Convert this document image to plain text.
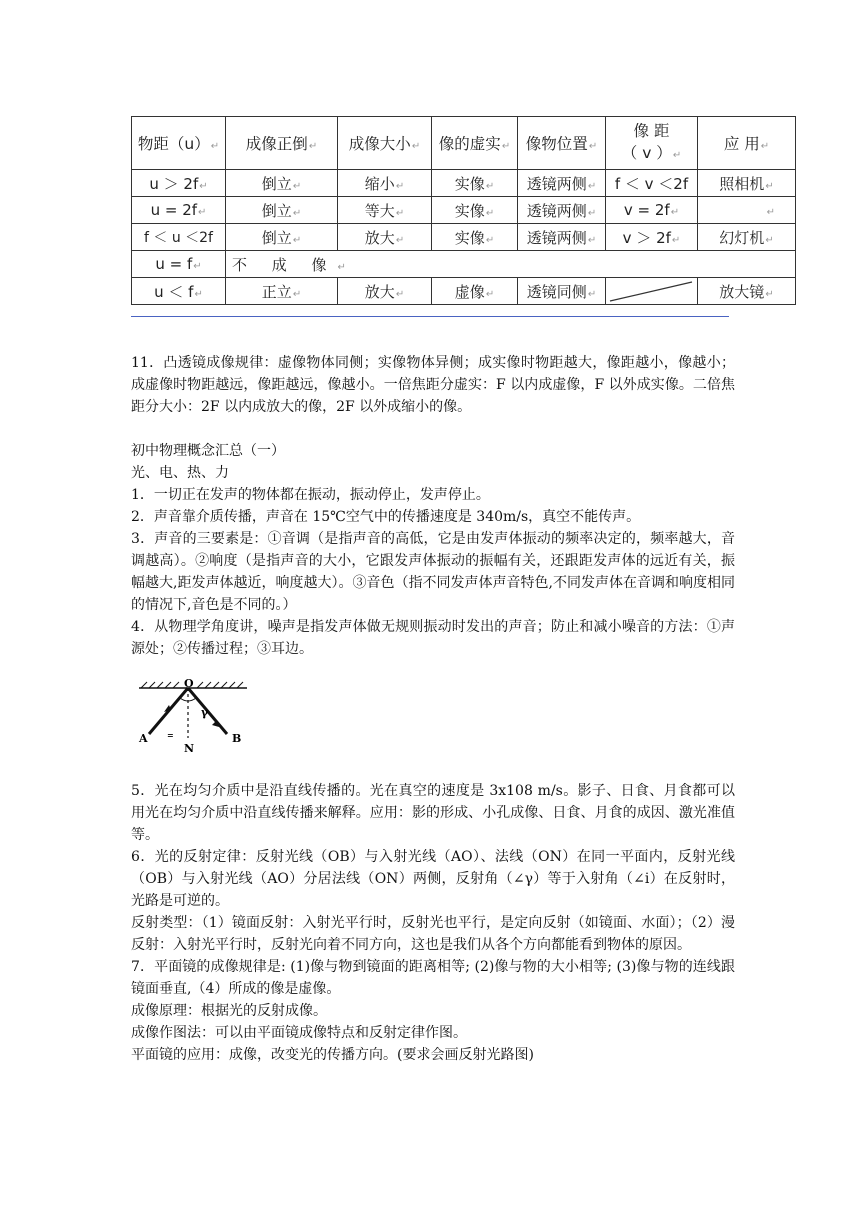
物距（u）↵	成像正倒↵	成像大小↵	像的虚实↵	像物位置↵	像 距
（ v ）↵	应 用↵
u ＞ 2f↵	倒立↵	缩小↵	实像↵	透镜两侧↵	f ＜ v ＜2f	照相机↵
u = 2f↵	倒立↵	等大↵	实像↵	透镜两侧↵	v = 2f↵	↵
f ＜ u ＜2f	倒立↵	放大↵	实像↵	透镜两侧↵	v ＞ 2f↵	幻灯机↵
u = f↵	不 成 像↵					
u ＜ f↵	正立↵	放大↵	虚像↵	透镜同侧↵		放大镜↵

11．凸透镜成像规律：虚像物体同侧；实像物体异侧；成实像时物距越大，像距越小，像越小；成虚像时物距越远，像距越远，像越小。一倍焦距分虚实：F 以内成虚像，F 以外成实像。二倍焦距分大小：2F 以内成放大的像，2F 以外成缩小的像。

初中物理概念汇总（一）

光、电、热、力

1．一切正在发声的物体都在振动，振动停止，发声停止。

2．声音靠介质传播，声音在 15℃空气中的传播速度是 340m/s，真空不能传声。

3．声音的三要素是：①音调（是指声音的高低，它是由发声体振动的频率决定的，频率越大，音调越高）。②响度（是指声音的大小，它跟发声体振动的振幅有关，还跟距发声体的远近有关，振幅越大,距发声体越近，响度越大）。③音色（指不同发声体声音特色,不同发声体在音调和响度相同的情况下,音色是不同的。）

4．从物理学角度讲，噪声是指发声体做无规则振动时发出的声音；防止和减小噪音的方法：①声源处；②传播过程；③耳边。

O
A	B
N
γ
=

5．光在均匀介质中是沿直线传播的。光在真空的速度是 3x108 m/s。影子、日食、月食都可以用光在均匀介质中沿直线传播来解释。应用：影的形成、小孔成像、日食、月食的成因、激光准值等。

6．光的反射定律：反射光线（OB）与入射光线（AO）、法线（ON）在同一平面内，反射光线（OB）与入射光线（AO）分居法线（ON）两侧，反射角（∠γ）等于入射角（∠i）在反射时，光路是可逆的。

反射类型：（1）镜面反射：入射光平行时，反射光也平行，是定向反射（如镜面、水面）；（2）漫反射：入射光平行时，反射光向着不同方向，这也是我们从各个方向都能看到物体的原因。

7．平面镜的成像规律是: (1)像与物到镜面的距离相等; (2)像与物的大小相等; (3)像与物的连线跟镜面垂直,（4）所成的像是虚像。

成像原理：根据光的反射成像。

成像作图法：可以由平面镜成像特点和反射定律作图。

平面镜的应用：成像，改变光的传播方向。(要求会画反射光路图)
